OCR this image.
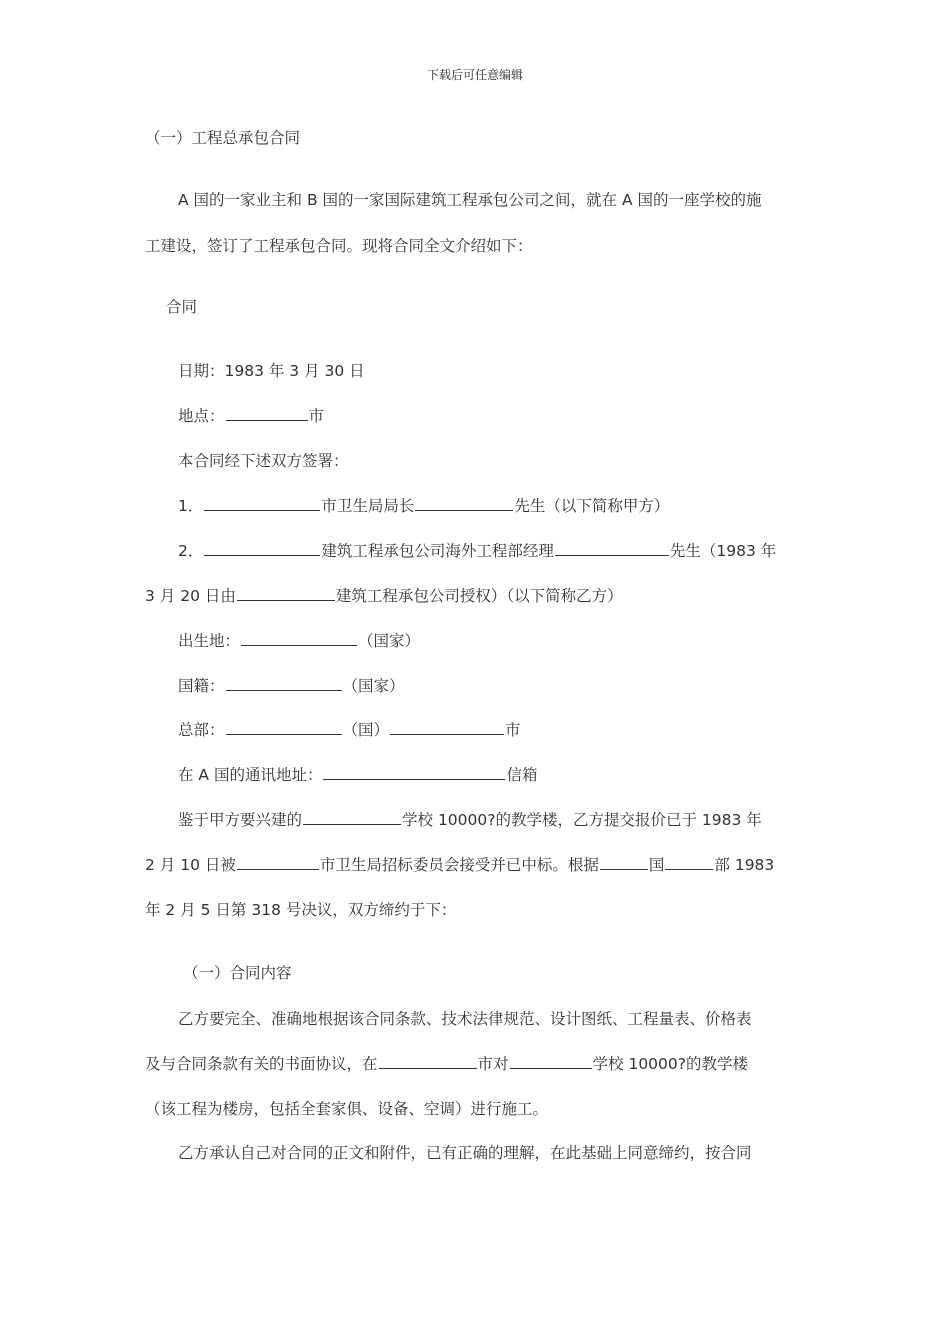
下载后可任意编辑
（一）工程总承包合同
A 国的一家业主和 B 国的一家国际建筑工程承包公司之间，就在 A 国的一座学校的施
工建设，签订了工程承包合同。现将合同全文介绍如下：
合同
日期：1983 年 3 月 30 日
地点：	市
本合同经下述双方签署：
1．	市卫生局局长	先生（以下简称甲方）
2．	建筑工程承包公司海外工程部经理	先生（1983 年
3 月 20 日由	建筑工程承包公司授权）（以下简称乙方）
出生地：	（国家）
国籍：	（国家）
总部：	（国）	市
在 A 国的通讯地址：	信箱
鉴于甲方要兴建的	学校 10000?的教学楼，乙方提交报价已于 1983 年
2 月 10 日被	市卫生局招标委员会接受并已中标。根据	国	部 1983
年 2 月 5 日第 318 号决议，双方缔约于下：
（一）合同内容
乙方要完全、准确地根据该合同条款、技术法律规范、设计图纸、工程量表、价格表
及与合同条款有关的书面协议，在	市对	学校 10000?的教学楼
（该工程为楼房，包括全套家俱、设备、空调）进行施工。
乙方承认自己对合同的正文和附件，已有正确的理解，在此基础上同意缔约，按合同
